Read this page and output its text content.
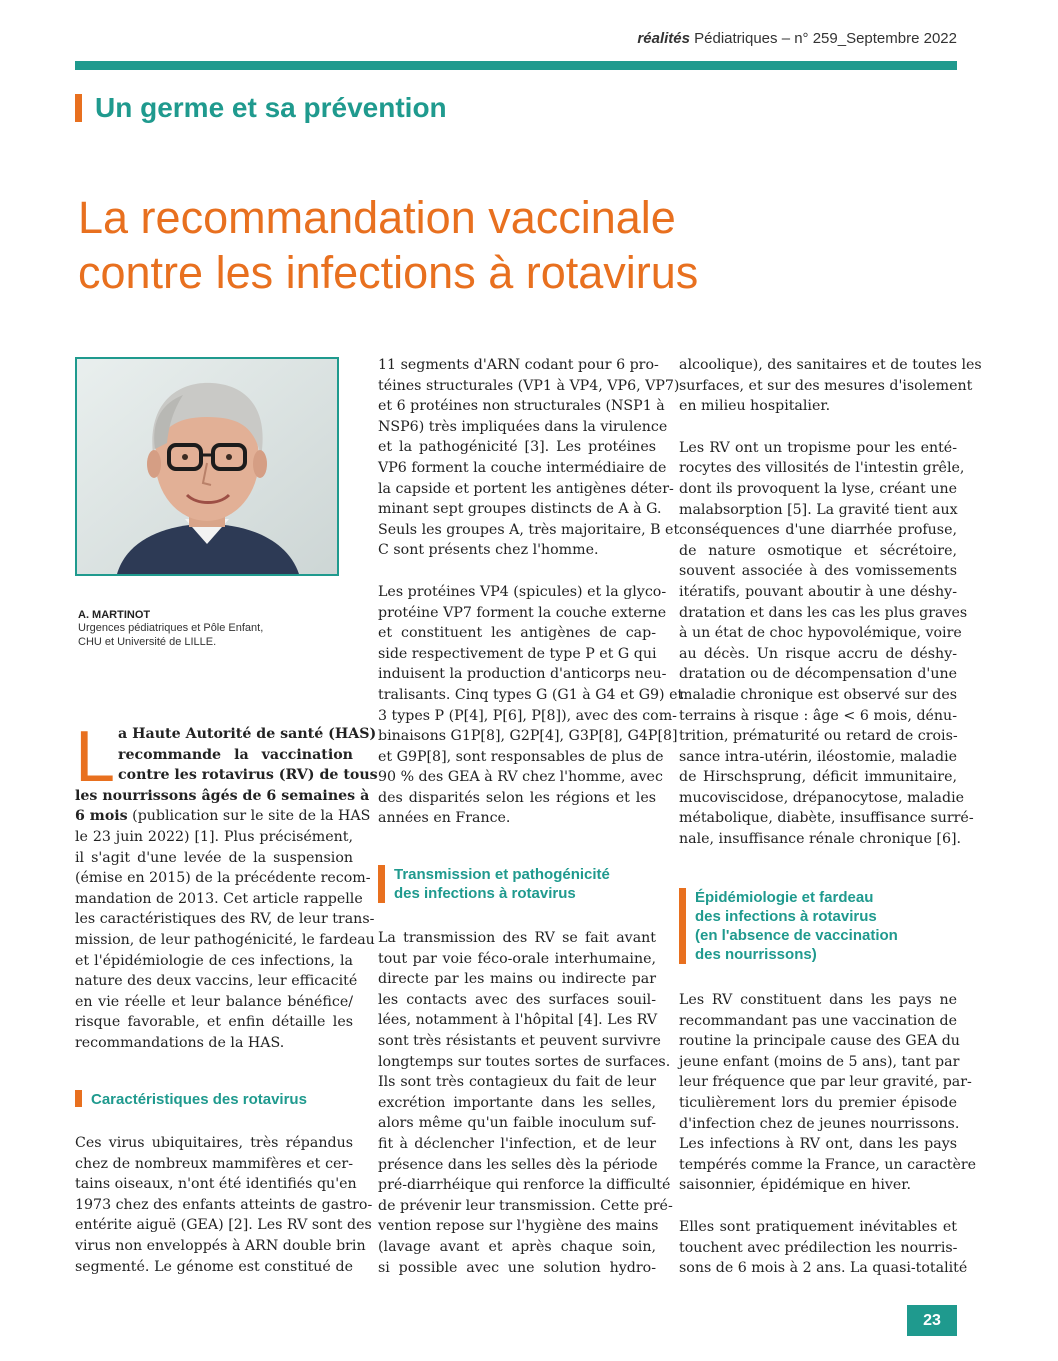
réalités Pédiatriques – n° 259_Septembre 2022
Un germe et sa prévention
La recommandation vaccinale
contre les infections à rotavirus
A. MARTINOT
Urgences pédiatriques et Pôle Enfant,
CHU et Université de LILLE.
L a Haute Autorité de santé (HAS)
recommande la vaccination
contre les rotavirus (RV) de tous
les nourrissons âgés de 6 semaines à
6 mois (publication sur le site de la HAS
le 23 juin 2022) [1]. Plus précisément,
il s'agit d'une levée de la suspension
(émise en 2015) de la précédente recom-
mandation de 2013. Cet article rappelle
les caractéristiques des RV, de leur trans-
mission, de leur pathogénicité, le fardeau
et l'épidémiologie de ces infections, la
nature des deux vaccins, leur efficacité
en vie réelle et leur balance bénéfice/
risque favorable, et enfin détaille les
recommandations de la HAS.

Caractéristiques des rotavirus

Ces virus ubiquitaires, très répandus
chez de nombreux mammifères et cer-
tains oiseaux, n'ont été identifiés qu'en
1973 chez des enfants atteints de gastro-
entérite aiguë (GEA) [2]. Les RV sont des
virus non enveloppés à ARN double brin
segmenté. Le génome est constitué de

11 segments d'ARN codant pour 6 pro-
téines structurales (VP1 à VP4, VP6, VP7)
et 6 protéines non structurales (NSP1 à
NSP6) très impliquées dans la virulence
et la pathogénicité [3]. Les protéines
VP6 forment la couche intermédiaire de
la capside et portent les antigènes déter-
minant sept groupes distincts de A à G.
Seuls les groupes A, très majoritaire, B et
C sont présents chez l'homme.

Les protéines VP4 (spicules) et la glyco-
protéine VP7 forment la couche externe
et constituent les antigènes de cap-
side respectivement de type P et G qui
induisent la production d'anticorps neu-
tralisants. Cinq types G (G1 à G4 et G9) et
3 types P (P[4], P[6], P[8]), avec des com-
binaisons G1P[8], G2P[4], G3P[8], G4P[8]
et G9P[8], sont responsables de plus de
90 % des GEA à RV chez l'homme, avec
des disparités selon les régions et les
années en France.

Transmission et pathogénicité
des infections à rotavirus

La transmission des RV se fait avant
tout par voie féco-orale interhumaine,
directe par les mains ou indirecte par
les contacts avec des surfaces souil-
lées, notamment à l'hôpital [4]. Les RV
sont très résistants et peuvent survivre
longtemps sur toutes sortes de surfaces.
Ils sont très contagieux du fait de leur
excrétion importante dans les selles,
alors même qu'un faible inoculum suf-
fit à déclencher l'infection, et de leur
présence dans les selles dès la période
pré-diarrhéique qui renforce la difficulté
de prévenir leur transmission. Cette pré-
vention repose sur l'hygiène des mains
(lavage avant et après chaque soin,
si possible avec une solution hydro-

alcoolique), des sanitaires et de toutes les
surfaces, et sur des mesures d'isolement
en milieu hospitalier.

Les RV ont un tropisme pour les enté-
rocytes des villosités de l'intestin grêle,
dont ils provoquent la lyse, créant une
malabsorption [5]. La gravité tient aux
conséquences d'une diarrhée profuse,
de nature osmotique et sécrétoire,
souvent associée à des vomissements
itératifs, pouvant aboutir à une déshy-
dratation et dans les cas les plus graves
à un état de choc hypovolémique, voire
au décès. Un risque accru de déshy-
dratation ou de décompensation d'une
maladie chronique est observé sur des
terrains à risque : âge < 6 mois, dénu-
trition, prématurité ou retard de crois-
sance intra-utérin, iléostomie, maladie
de Hirschsprung, déficit immunitaire,
mucoviscidose, drépanocytose, maladie
métabolique, diabète, insuffisance surré-
nale, insuffisance rénale chronique [6].

Épidémiologie et fardeau
des infections à rotavirus
(en l'absence de vaccination
des nourrissons)

Les RV constituent dans les pays ne
recommandant pas une vaccination de
routine la principale cause des GEA du
jeune enfant (moins de 5 ans), tant par
leur fréquence que par leur gravité, par-
ticulièrement lors du premier épisode
d'infection chez de jeunes nourrissons.
Les infections à RV ont, dans les pays
tempérés comme la France, un caractère
saisonnier, épidémique en hiver.

Elles sont pratiquement inévitables et
touchent avec prédilection les nourris-
sons de 6 mois à 2 ans. La quasi-totalité

23
